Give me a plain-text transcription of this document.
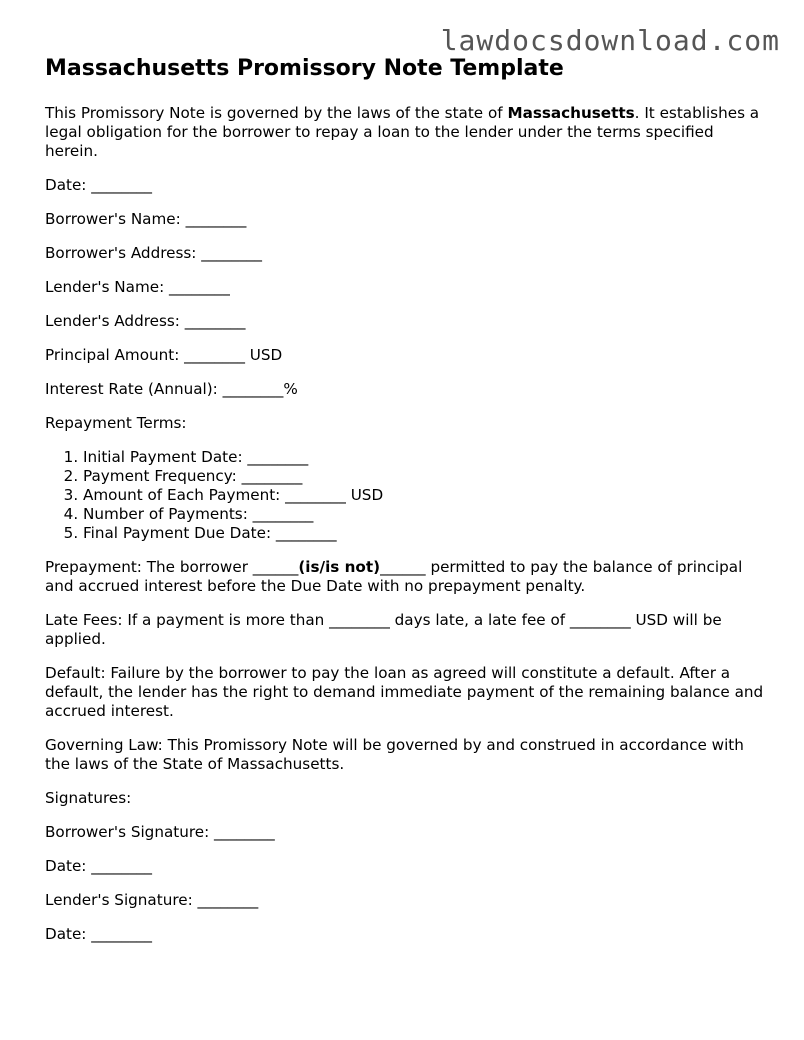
lawdocsdownload.com
Massachusetts Promissory Note Template

This Promissory Note is governed by the laws of the state of Massachusetts. It establishes a legal obligation for the borrower to repay a loan to the lender under the terms specified herein.

Date: ________

Borrower's Name: ________

Borrower's Address: ________

Lender's Name: ________

Lender's Address: ________

Principal Amount: ________ USD

Interest Rate (Annual): ________%

Repayment Terms:

1. Initial Payment Date: ________
2. Payment Frequency: ________
3. Amount of Each Payment: ________ USD
4. Number of Payments: ________
5. Final Payment Due Date: ________

Prepayment: The borrower ______(is/is not)______ permitted to pay the balance of principal and accrued interest before the Due Date with no prepayment penalty.

Late Fees: If a payment is more than ________ days late, a late fee of ________ USD will be applied.

Default: Failure by the borrower to pay the loan as agreed will constitute a default. After a default, the lender has the right to demand immediate payment of the remaining balance and accrued interest.

Governing Law: This Promissory Note will be governed by and construed in accordance with the laws of the State of Massachusetts.

Signatures:

Borrower's Signature: ________

Date: ________

Lender's Signature: ________

Date: ________
